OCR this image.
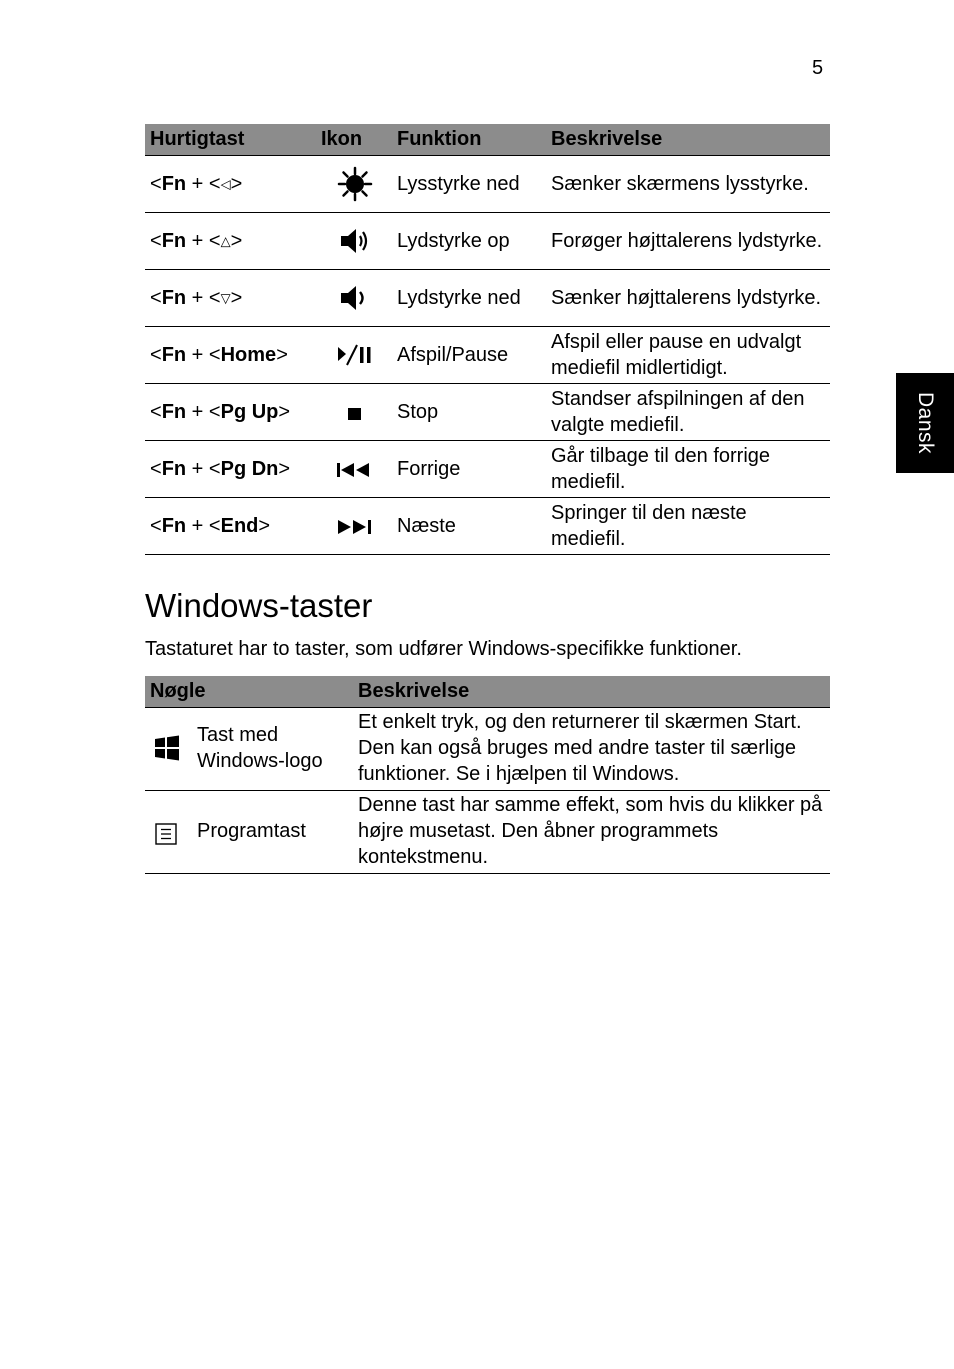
5
Dansk
Hurtigtast	Ikon	Funktion	Beskrivelse
<Fn + <◁>		Lysstyrke ned	Sænker skærmens lysstyrke.
<Fn + <△>		Lydstyrke op	Forøger højttalerens lydstyrke.
<Fn + <▽>		Lydstyrke ned	Sænker højttalerens lydstyrke.
<Fn + <Home>		Afspil/Pause	Afspil eller pause en udvalgt mediefil midlertidigt.
<Fn + <Pg Up>		Stop	Standser afspilningen af den valgte mediefil.
<Fn + <Pg Dn>		Forrige	Går tilbage til den forrige mediefil.
<Fn + <End>		Næste	Springer til den næste mediefil.
Windows-taster

Tastaturet har to taster, som udfører Windows-specifikke funktioner.

Nøgle	Beskrivelse

Tast med Windows-logo	Et enkelt tryk, og den returnerer til skærmen Start.
Den kan også bruges med andre taster til særlige funktioner. Se i hjælpen til Windows.

Programtast	Denne tast har samme effekt, som hvis du klikker på højre musetast. Den åbner programmets kontekstmenu.
